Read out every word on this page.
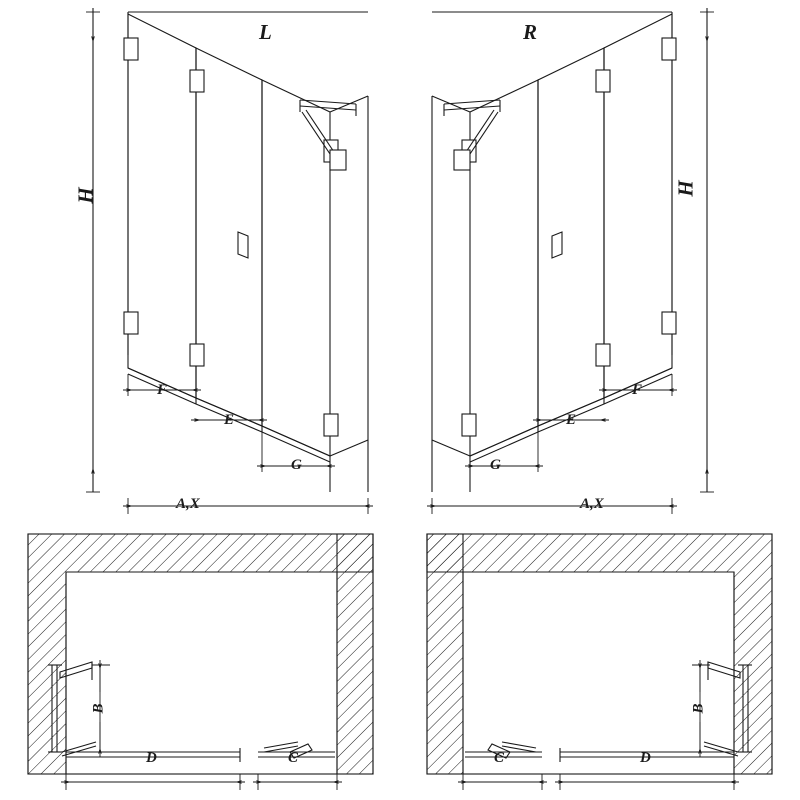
L	R
H	H
F
E
G
F
E
G
A,X	A,X
B
D	C
B
C	D
